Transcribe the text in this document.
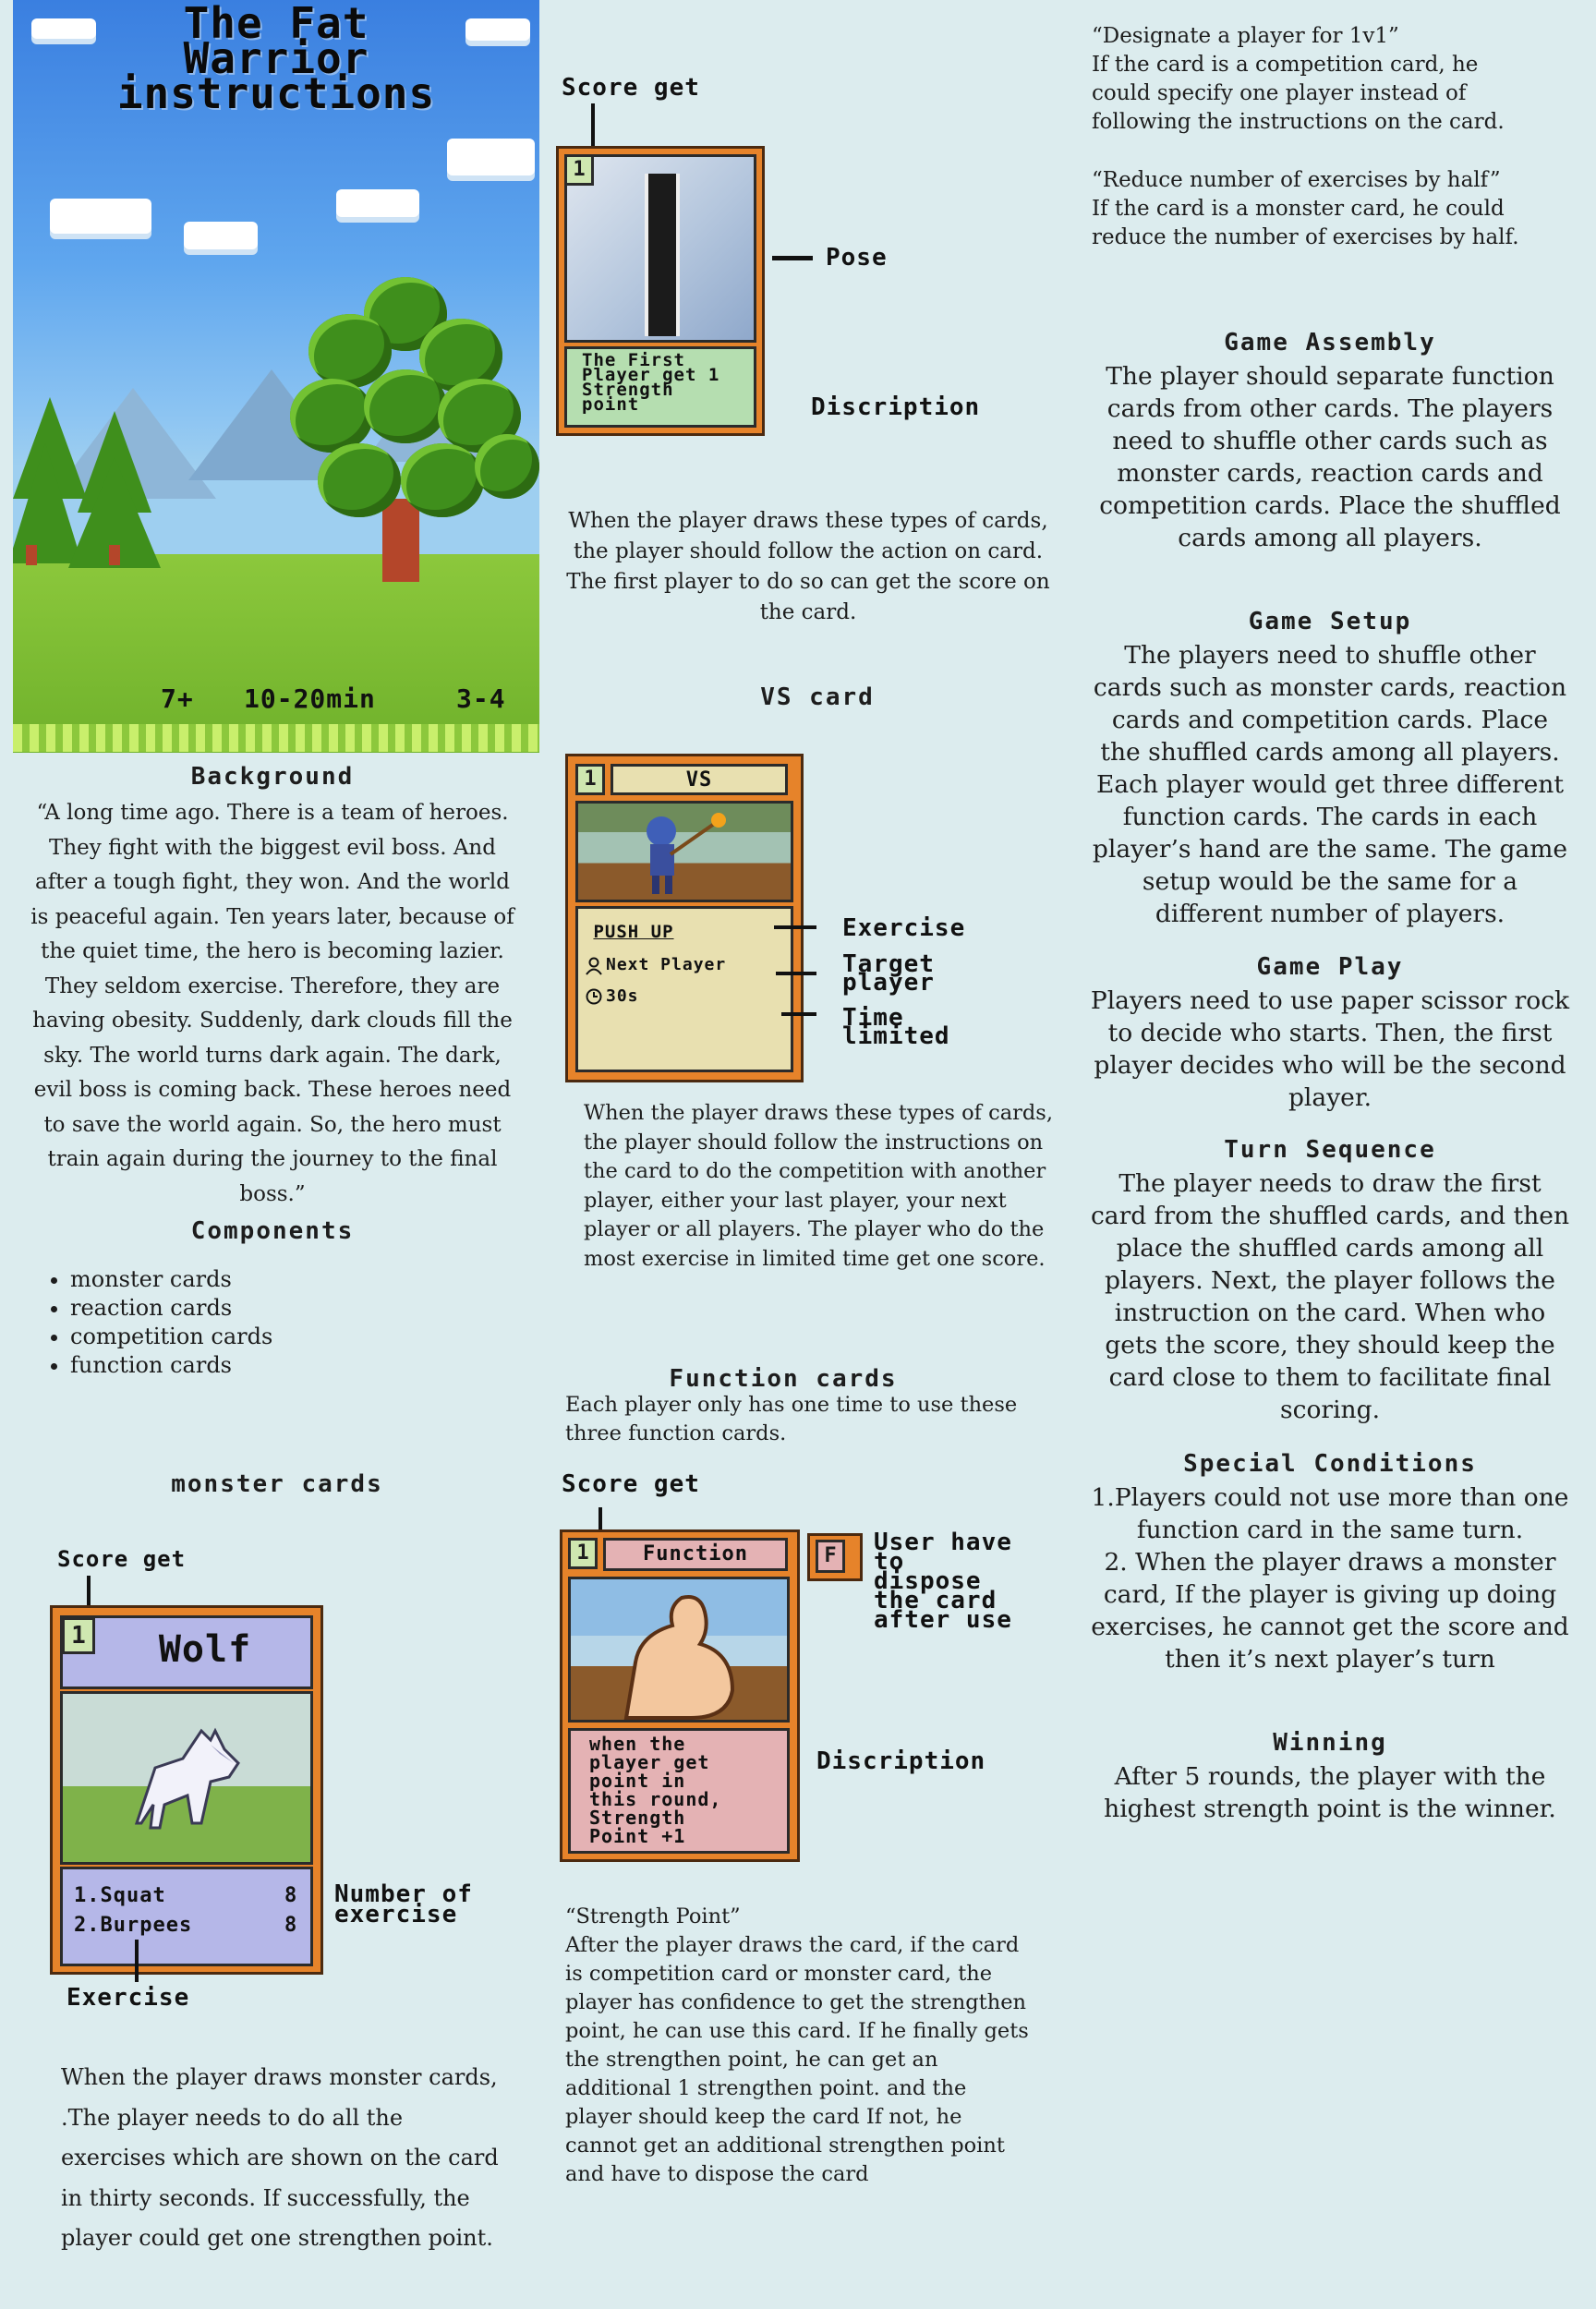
The Fat
Warrior
instructions
7+ 10-20min	3-4
Background
“A long time ago. There is a team of heroes. They fight with the biggest evil boss. And after a tough fight, they won. And the world is peaceful again. Ten years later, because of the quiet time, the hero is becoming lazier. They seldom exercise. Therefore, they are having obesity. Suddenly, dark clouds fill the sky. The world turns dark again. The dark, evil boss is coming back. These heroes need to save the world again. So, the hero must train again during the journey to the final boss.”
Components
• monster cards
• reaction cards
• competition cards
• function cards
monster cards
Score get
1	Wolf
1.Squat	8
2.Burpees	8
Number of
exercise
Exercise
When the player draws monster cards, .The player needs to do all the exercises which are shown on the card in thirty seconds. If successfully, the player could get one strengthen point.
Score get
1
The First
Player get 1
Strength
point
Pose
Discription
When the player draws these types of cards, the player should follow the action on card. The first player to do so can get the score on the card.
VS card
1	VS
PUSH UP
Next Player
30s
Exercise
Target
player
Time
limited
When the player draws these types of cards, the player should follow the instructions on the card to do the competition with another player, either your last player, your next player or all players. The player who do the most exercise in limited time get one score.
Function cards
Each player only has one time to use these three function cards.
Score get
1	Function
when the
player get
point in
this round,
Strength
Point +1
F	User have
to
dispose
the card
after use
Discription
“Strength Point”
After the player draws the card, if the card is competition card or monster card, the player has confidence to get the strengthen point, he can use this card. If he finally gets the strengthen point, he can get an additional 1 strengthen point. and the player should keep the card If not, he cannot get an additional strengthen point and have to dispose the card
“Designate a player for 1v1”
If the card is a competition card, he could specify one player instead of following the instructions on the card.
“Reduce number of exercises by half”
If the card is a monster card, he could reduce the number of exercises by half.
Game Assembly
The player should separate function cards from other cards. The players need to shuffle other cards such as monster cards, reaction cards and competition cards. Place the shuffled cards among all players.
Game Setup
The players need to shuffle other cards such as monster cards, reaction cards and competition cards. Place the shuffled cards among all players. Each player would get three different function cards. The cards in each player’s hand are the same. The game setup would be the same for a different number of players.
Game Play
Players need to use paper scissor rock to decide who starts. Then, the first player decides who will be the second player.
Turn Sequence
The player needs to draw the first card from the shuffled cards, and then place the shuffled cards among all players. Next, the player follows the instruction on the card. When who gets the score, they should keep the card close to them to facilitate final scoring.
Special Conditions
1.Players could not use more than one function card in the same turn.
2. When the player draws a monster card, If the player is giving up doing exercises, he cannot get the score and then it’s next player’s turn
Winning
After 5 rounds, the player with the highest strength point is the winner.
